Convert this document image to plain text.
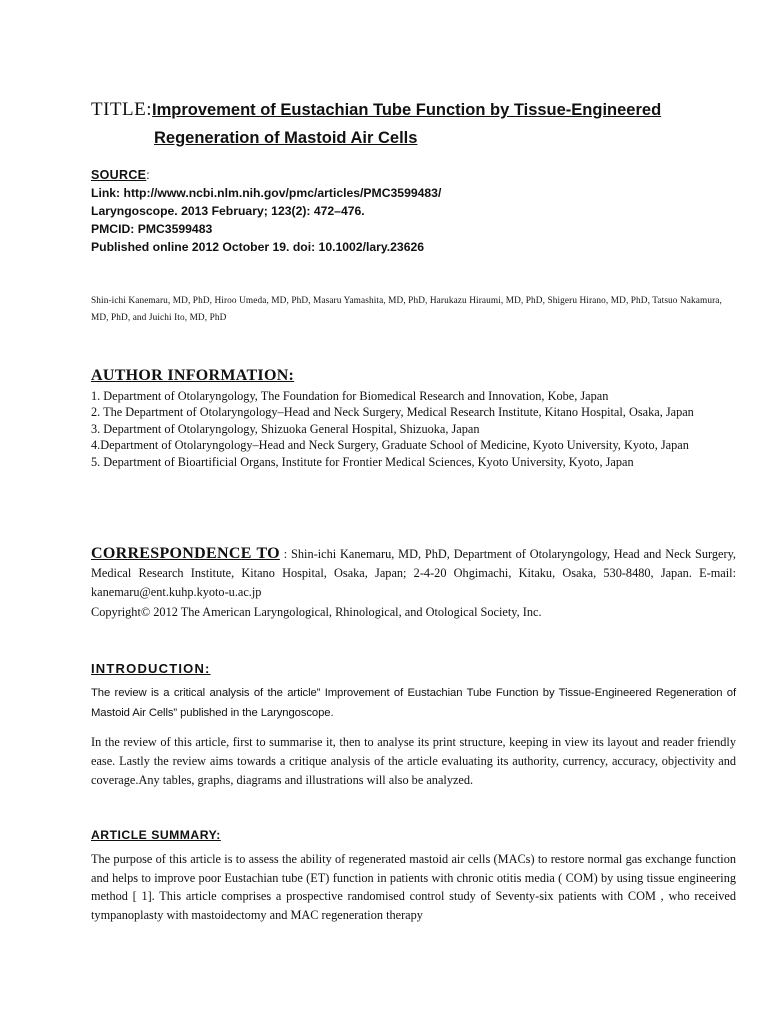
TITLE:Improvement of Eustachian Tube Function by Tissue-Engineered
Regeneration of Mastoid Air Cells
SOURCE:
Link: http://www.ncbi.nlm.nih.gov/pmc/articles/PMC3599483/
Laryngoscope. 2013 February; 123(2): 472–476.
PMCID: PMC3599483
Published online 2012 October 19. doi: 10.1002/lary.23626
Shin-ichi Kanemaru, MD, PhD, Hiroo Umeda, MD, PhD, Masaru Yamashita, MD, PhD, Harukazu Hiraumi, MD, PhD, Shigeru Hirano, MD, PhD, Tatsuo Nakamura, MD, PhD, and Juichi Ito, MD, PhD
AUTHOR INFORMATION:
1. Department of Otolaryngology, The Foundation for Biomedical Research and Innovation, Kobe, Japan
2. The Department of Otolaryngology–Head and Neck Surgery, Medical Research Institute, Kitano Hospital, Osaka, Japan
3. Department of Otolaryngology, Shizuoka General Hospital, Shizuoka, Japan
4.Department of Otolaryngology–Head and Neck Surgery, Graduate School of Medicine, Kyoto University, Kyoto, Japan
5. Department of Bioartificial Organs, Institute for Frontier Medical Sciences, Kyoto University, Kyoto, Japan
CORRESPONDENCE TO : Shin-ichi Kanemaru, MD, PhD, Department of Otolaryngology, Head and Neck Surgery, Medical Research Institute, Kitano Hospital, Osaka, Japan; 2-4-20 Ohgimachi, Kitaku, Osaka, 530-8480, Japan. E-mail: kanemaru@ent.kuhp.kyoto-u.ac.jp
Copyright© 2012 The American Laryngological, Rhinological, and Otological Society, Inc.
INTRODUCTION:
The review is a critical analysis of the article” Improvement of Eustachian Tube Function by Tissue-Engineered Regeneration of Mastoid Air Cells” published in the Laryngoscope.
In the review of this article, first to summarise it, then to analyse its print structure, keeping in view its layout and reader friendly ease. Lastly the review aims towards a critique analysis of the article evaluating its authority, currency, accuracy, objectivity and coverage.Any tables, graphs, diagrams and illustrations will also be analyzed.
ARTICLE SUMMARY:
The purpose of this article is to assess the ability of regenerated mastoid air cells (MACs) to restore normal gas exchange function and helps to improve poor Eustachian tube (ET) function in patients with chronic otitis media ( COM) by using tissue engineering method [ 1]. This article comprises a prospective randomised control study of Seventy-six patients with COM , who received tympanoplasty with mastoidectomy and MAC regeneration therapy
